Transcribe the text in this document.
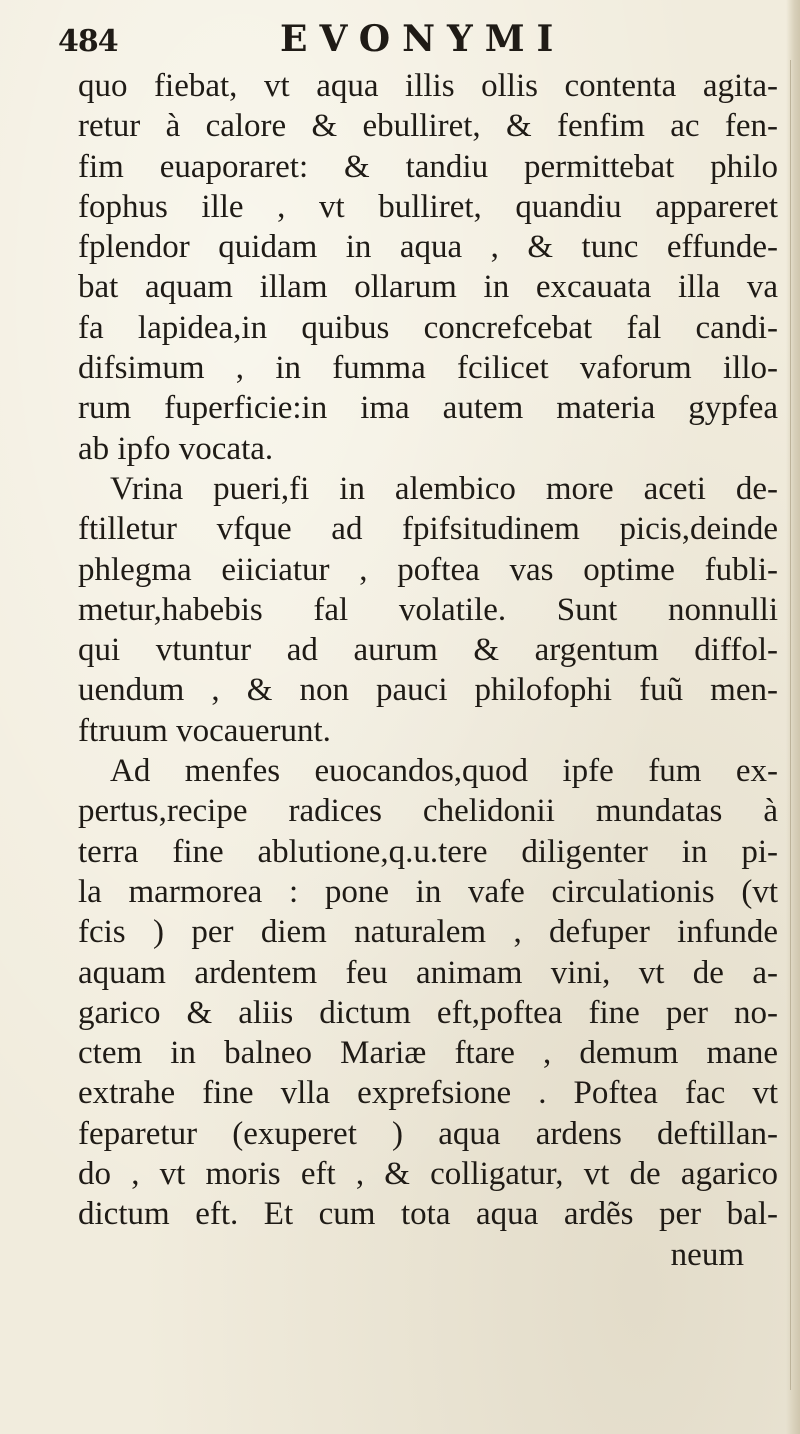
484	EVONYMI
quo fiebat, vt aqua illis ollis contenta agita-
retur à calore & ebulliret, & fenfim ac fen-
fim euaporaret: & tandiu permittebat philo
fophus ille , vt bulliret, quandiu appareret
fplendor quidam in aqua , & tunc effunde-
bat aquam illam ollarum in excauata illa va
fa lapidea,in quibus concrefcebat fal candi-
difsimum , in fumma fcilicet vaforum illo-
rum fuperficie:in ima autem materia gypfea
ab ipfo vocata.
Vrina pueri,fi in alembico more aceti de-
ftilletur vfque ad fpifsitudinem picis,deinde
phlegma eiiciatur , poftea vas optime fubli-
metur,habebis fal volatile. Sunt nonnulli
qui vtuntur ad aurum & argentum diffol-
uendum , & non pauci philofophi fuũ men-
ftruum vocauerunt.
Ad menfes euocandos,quod ipfe fum ex-
pertus,recipe radices chelidonii mundatas à
terra fine ablutione,q.u.tere diligenter in pi-
la marmorea : pone in vafe circulationis (vt
fcis ) per diem naturalem , defuper infunde
aquam ardentem feu animam vini, vt de a-
garico & aliis dictum eft,poftea fine per no-
ctem in balneo Mariæ ftare , demum mane
extrahe fine vlla exprefsione . Poftea fac vt
feparetur (exuperet ) aqua ardens deftillan-
do , vt moris eft , & colligatur, vt de agarico
dictum eft. Et cum tota aqua ardẽs per bal-
neum
